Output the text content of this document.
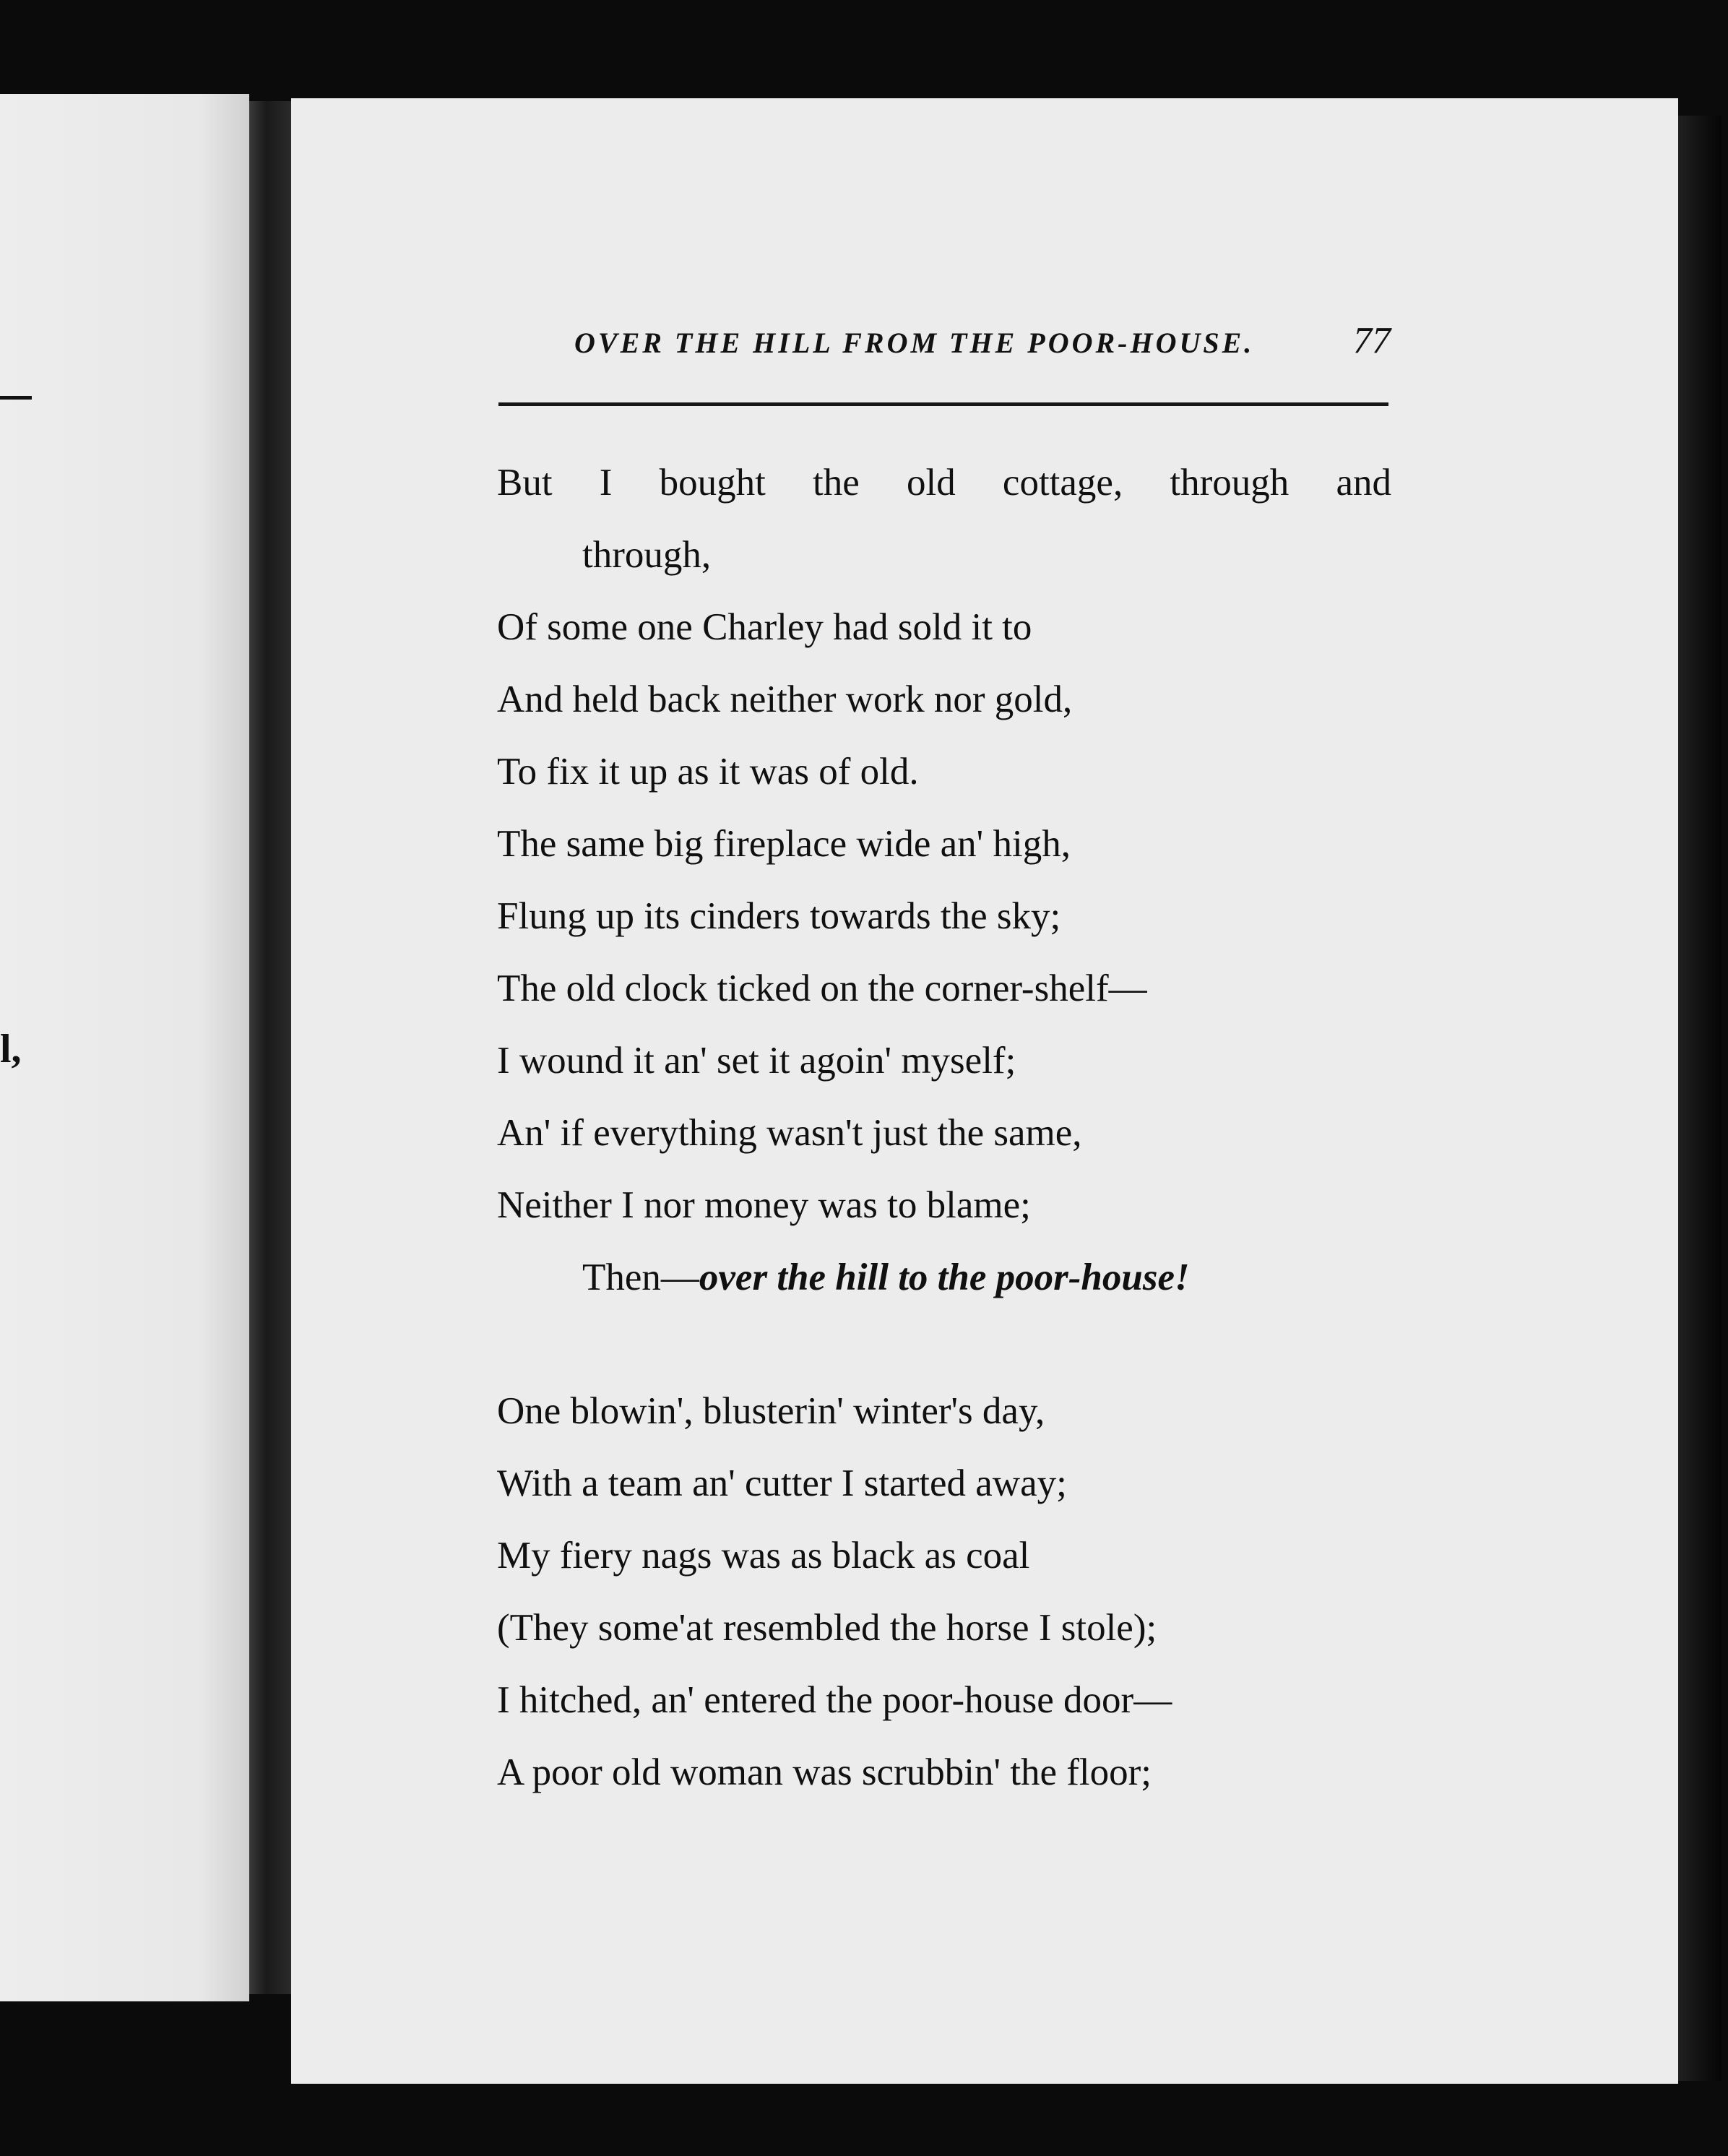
l,
OVER THE HILL FROM THE POOR-HOUSE.	77
But I bought the old cottage, through and
through,
Of some one Charley had sold it to
And held back neither work nor gold,
To fix it up as it was of old.
The same big fireplace wide an' high,
Flung up its cinders towards the sky;
The old clock ticked on the corner-shelf—
I wound it an' set it agoin' myself;
An' if everything wasn't just the same,
Neither I nor money was to blame;
Then—over the hill to the poor-house!
One blowin', blusterin' winter's day,
With a team an' cutter I started away;
My fiery nags was as black as coal
(They some'at resembled the horse I stole);
I hitched, an' entered the poor-house door—
A poor old woman was scrubbin' the floor;
